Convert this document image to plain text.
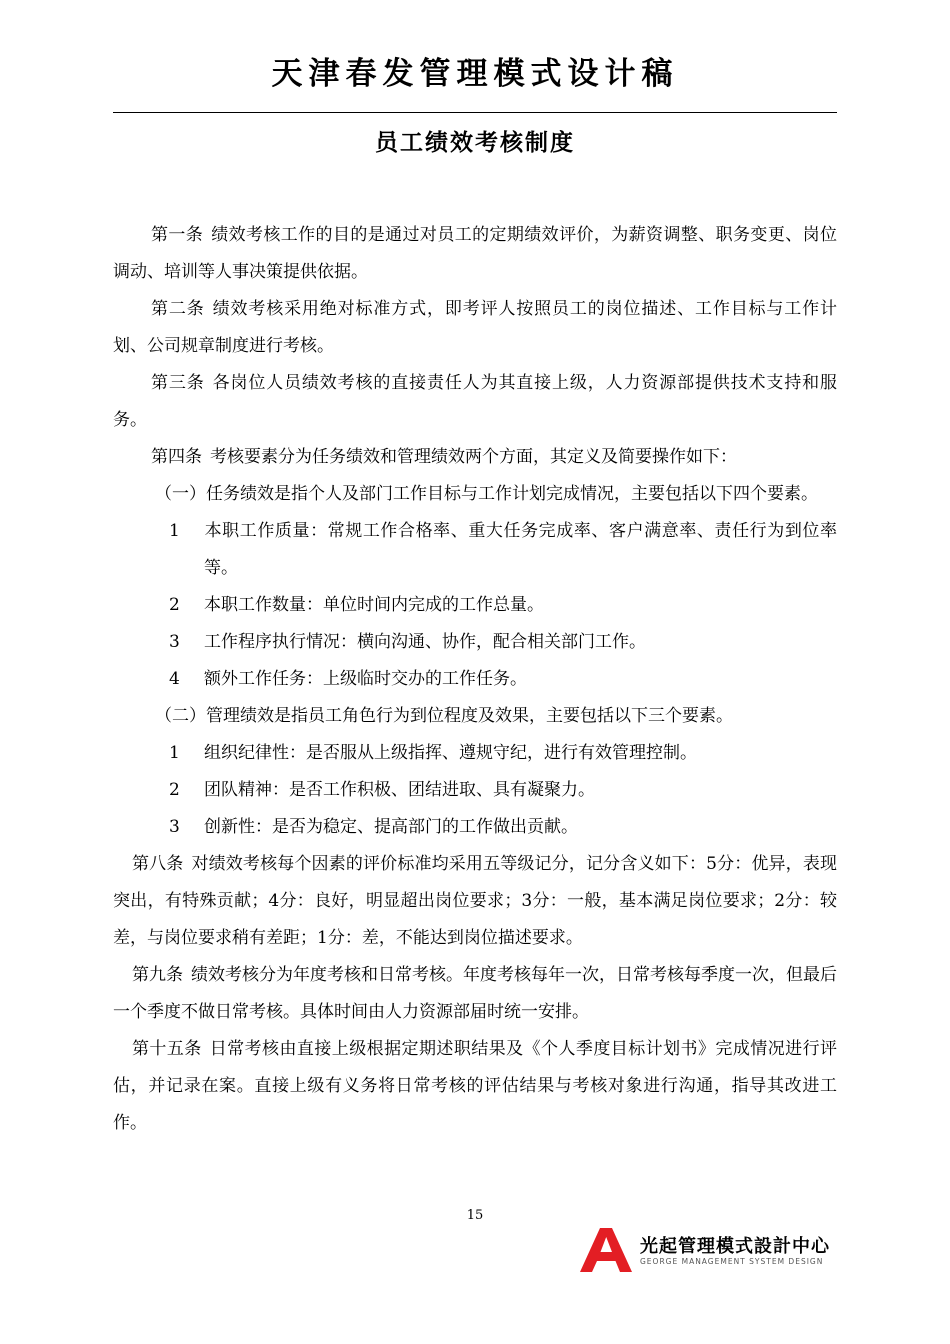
天津春发管理模式设计稿
员工绩效考核制度

第一条 绩效考核工作的目的是通过对员工的定期绩效评价，为薪资调整、职务变更、岗位调动、培训等人事决策提供依据。

第二条 绩效考核采用绝对标准方式，即考评人按照员工的岗位描述、工作目标与工作计划、公司规章制度进行考核。

第三条 各岗位人员绩效考核的直接责任人为其直接上级，人力资源部提供技术支持和服务。

第四条 考核要素分为任务绩效和管理绩效两个方面，其定义及简要操作如下：

（一）任务绩效是指个人及部门工作目标与工作计划完成情况，主要包括以下四个要素。

1 本职工作质量：常规工作合格率、重大任务完成率、客户满意率、责任行为到位率等。

2 本职工作数量：单位时间内完成的工作总量。

3 工作程序执行情况：横向沟通、协作，配合相关部门工作。

4 额外工作任务：上级临时交办的工作任务。

（二）管理绩效是指员工角色行为到位程度及效果，主要包括以下三个要素。

1 组织纪律性：是否服从上级指挥、遵规守纪，进行有效管理控制。

2 团队精神：是否工作积极、团结进取、具有凝聚力。

3 创新性：是否为稳定、提高部门的工作做出贡献。

第八条 对绩效考核每个因素的评价标准均采用五等级记分，记分含义如下：5分：优异，表现突出，有特殊贡献；4分：良好，明显超出岗位要求；3分：一般，基本满足岗位要求；2分：较差，与岗位要求稍有差距；1分：差，不能达到岗位描述要求。

第九条 绩效考核分为年度考核和日常考核。年度考核每年一次，日常考核每季度一次，但最后一个季度不做日常考核。具体时间由人力资源部届时统一安排。

第十五条 日常考核由直接上级根据定期述职结果及《个人季度目标计划书》完成情况进行评估，并记录在案。直接上级有义务将日常考核的评估结果与考核对象进行沟通，指导其改进工作。

15
光起管理模式設計中心
GEORGE MANAGEMENT SYSTEM DESIGN
